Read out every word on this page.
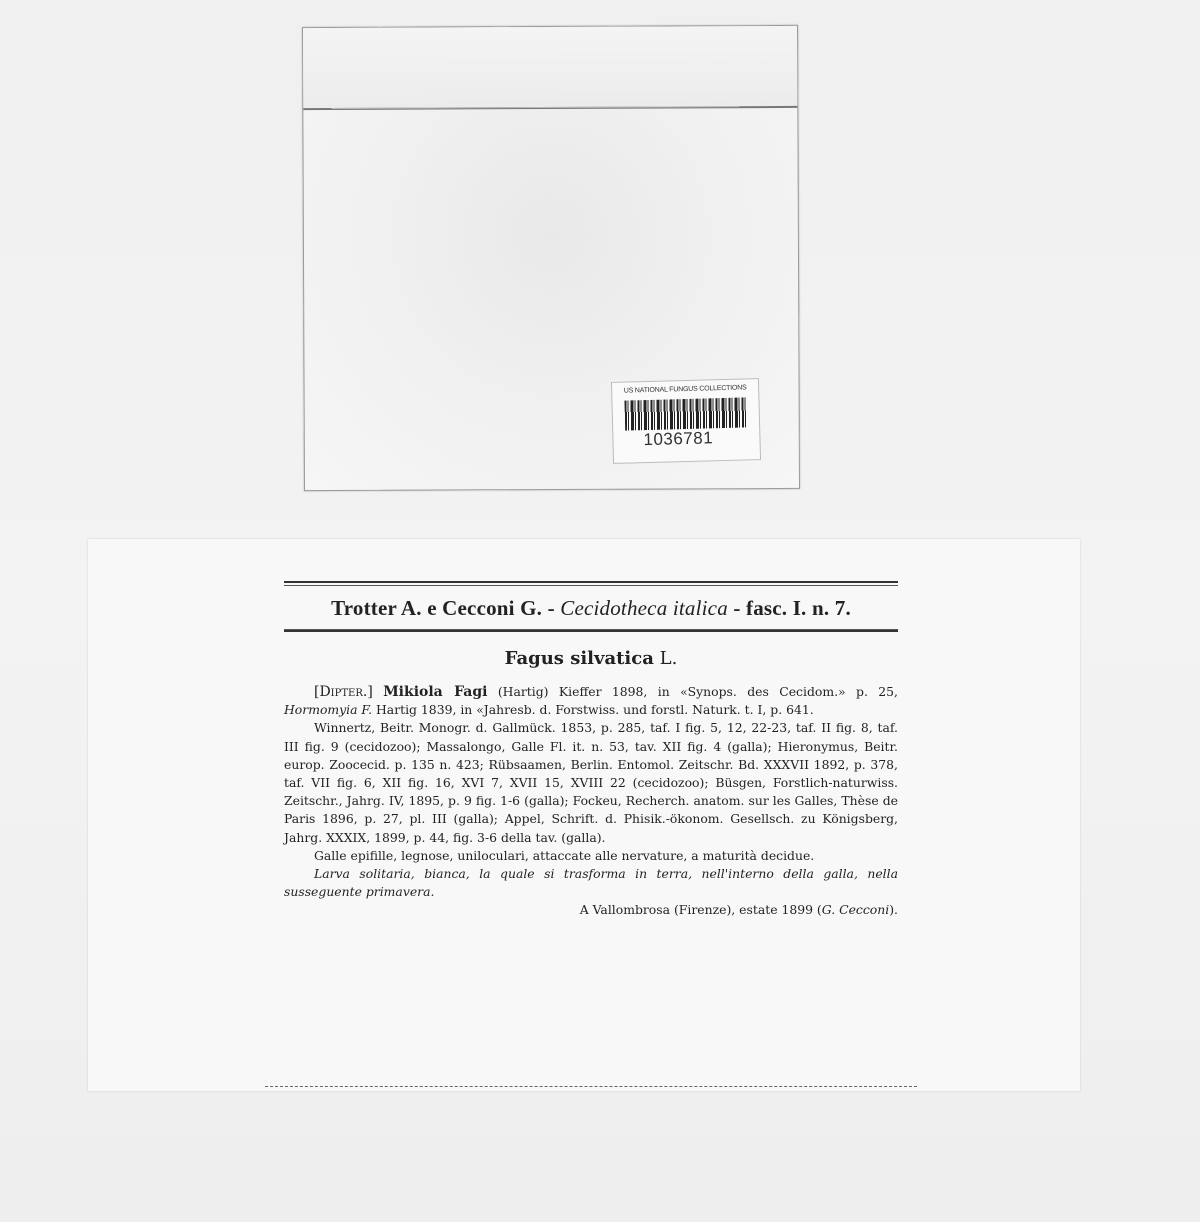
US NATIONAL FUNGUS COLLECTIONS
1036781
Trotter A. e Cecconi G. - Cecidotheca italica - fasc. I. n. 7.
Fagus silvatica L.

[Dipter.] Mikiola Fagi (Hartig) Kieffer 1898, in «Synops. des Cecidom.» p. 25, Hormomyia F. Hartig 1839, in «Jahresb. d. Forstwiss. und forstl. Naturk. t. I, p. 641.

Winnertz, Beitr. Monogr. d. Gallmück. 1853, p. 285, taf. I fig. 5, 12, 22-23, taf. II fig. 8, taf. III fig. 9 (cecidozoo); Massalongo, Galle Fl. it. n. 53, tav. XII fig. 4 (galla); Hieronymus, Beitr. europ. Zoocecid. p. 135 n. 423; Rübsaamen, Berlin. Entomol. Zeitschr. Bd. XXXVII 1892, p. 378, taf. VII fig. 6, XII fig. 16, XVI 7, XVII 15, XVIII 22 (cecidozoo); Büsgen, Forstlich-naturwiss. Zeitschr., Jahrg. IV, 1895, p. 9 fig. 1-6 (galla); Fockeu, Recherch. anatom. sur les Galles, Thèse de Paris 1896, p. 27, pl. III (galla); Appel, Schrift. d. Phisik.-ökonom. Gesellsch. zu Königsberg, Jahrg. XXXIX, 1899, p. 44, fig. 3-6 della tav. (galla).

Galle epifille, legnose, uniloculari, attaccate alle nervature, a maturità decidue.

Larva solitaria, bianca, la quale si trasforma in terra, nell'interno della galla, nella susseguente primavera.

A Vallombrosa (Firenze), estate 1899 (G. Cecconi).
